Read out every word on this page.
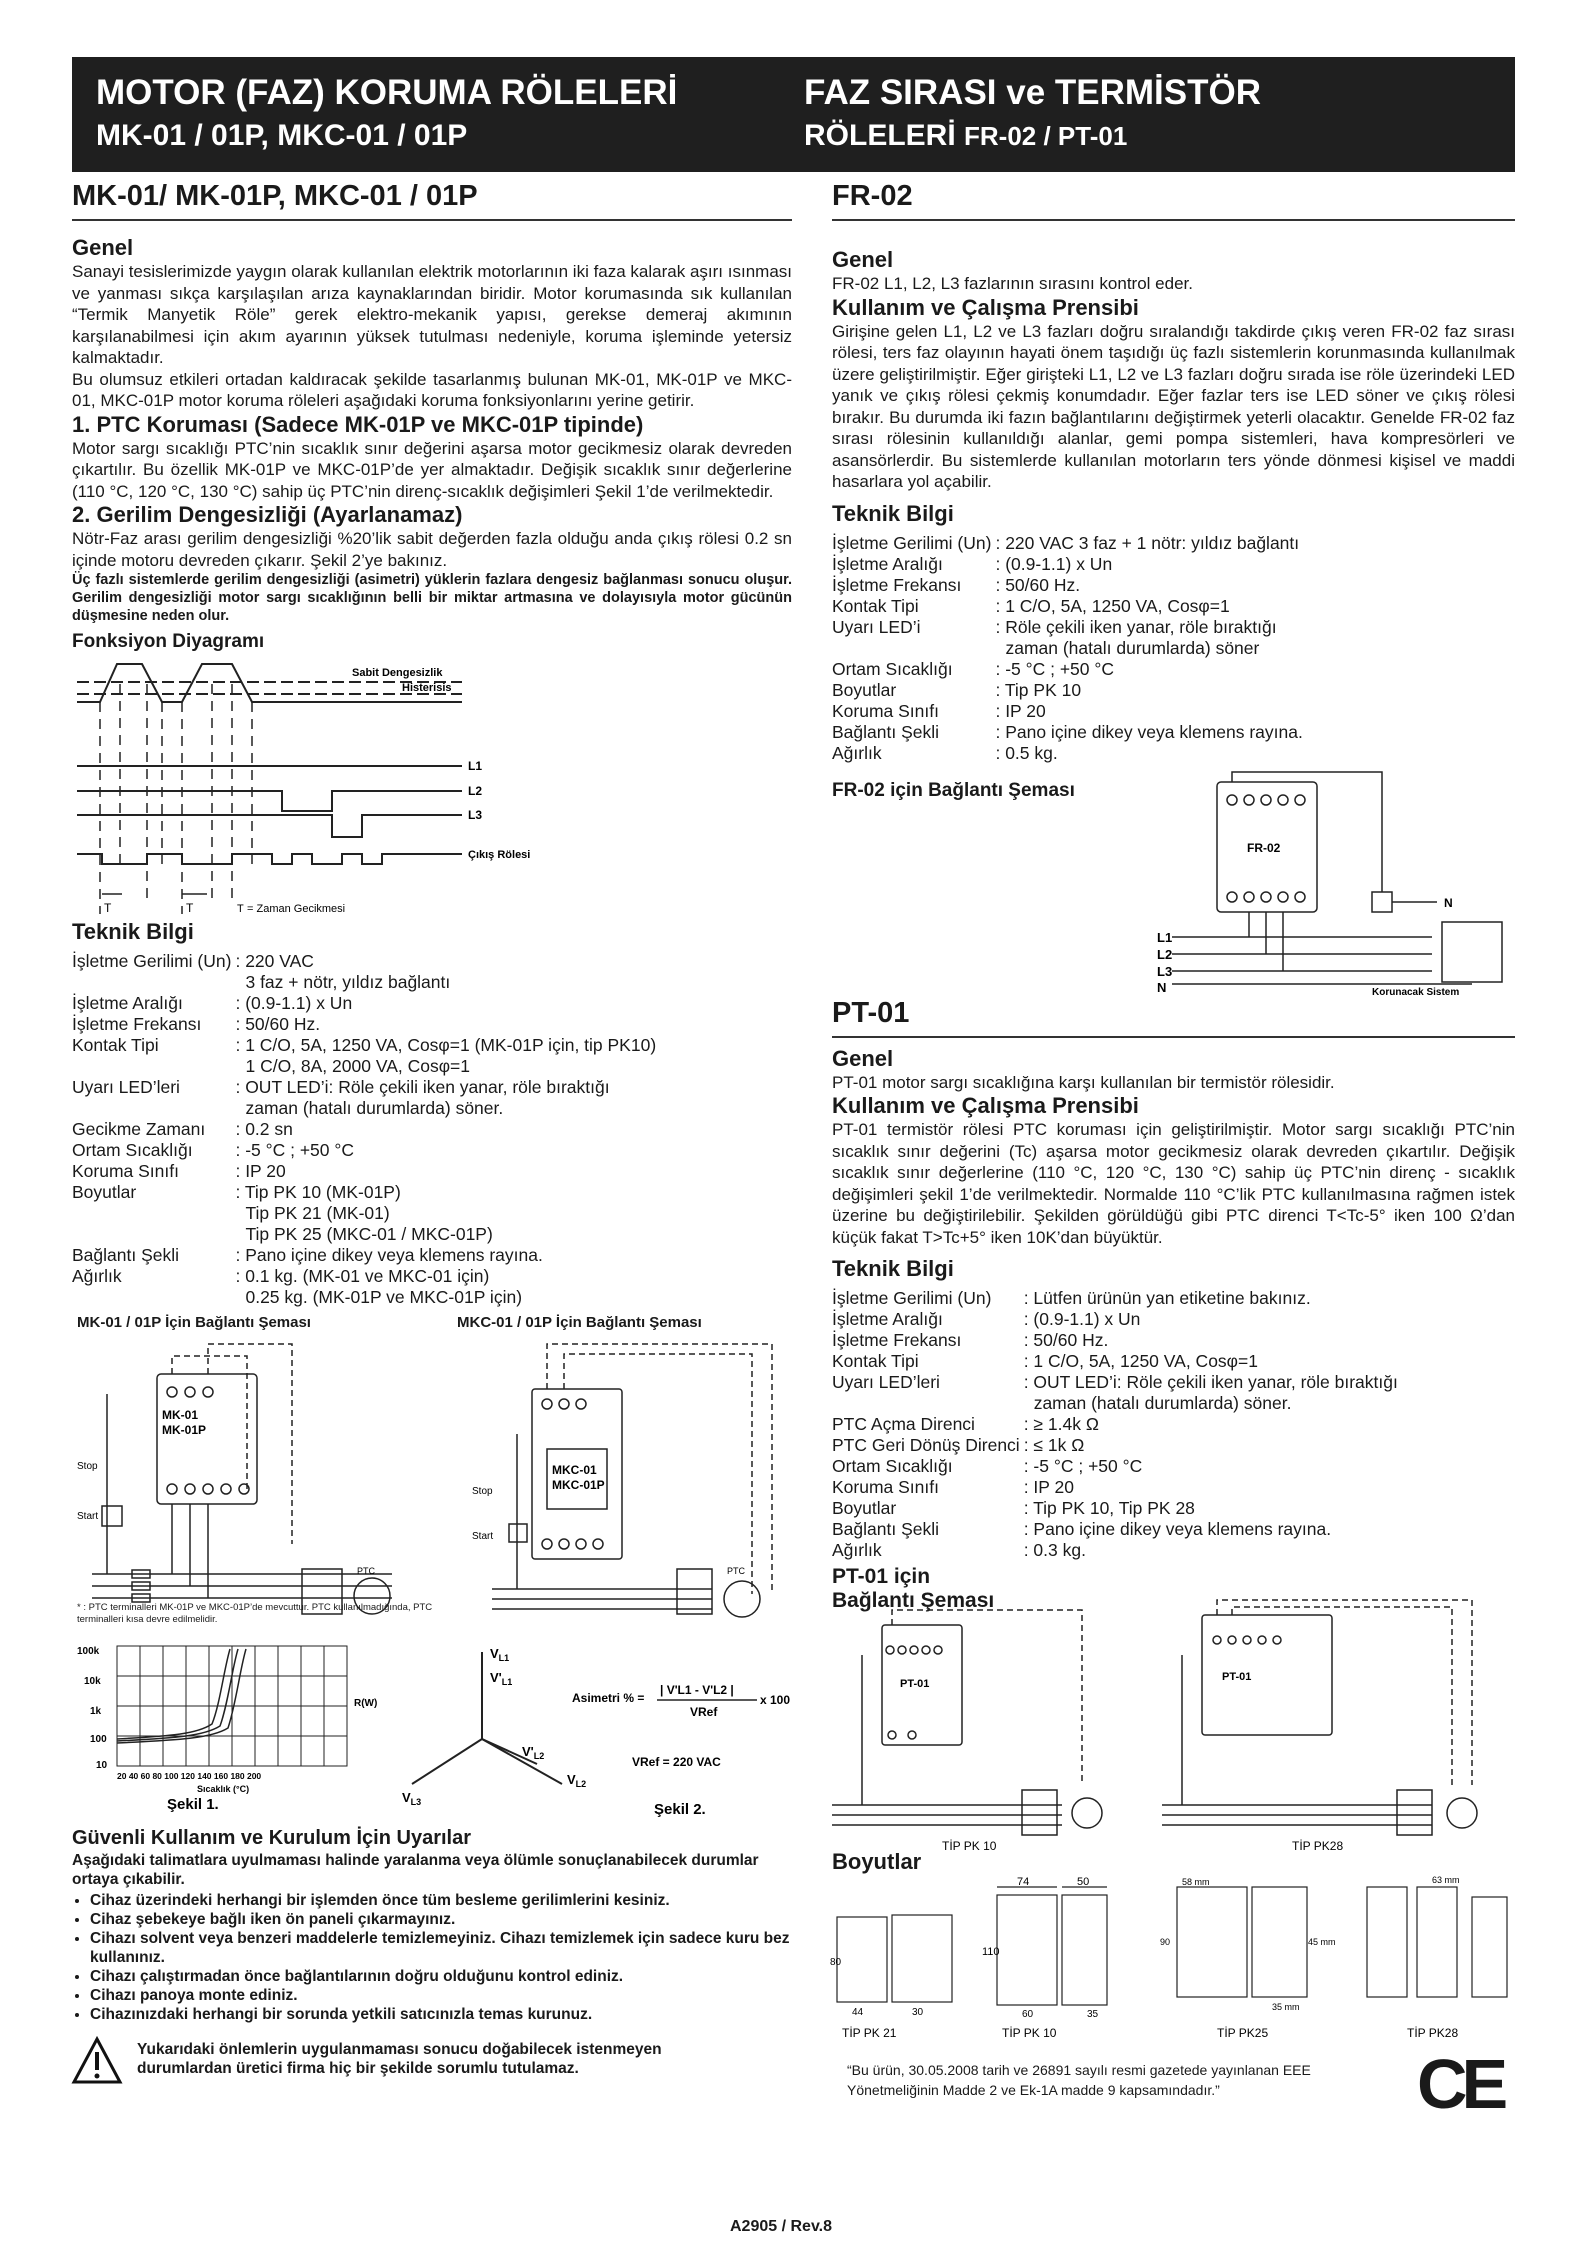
MOTOR (FAZ) KORUMA RÖLELERİ
MK-01 / 01P, MKC-01 / 01P
FAZ SIRASI ve TERMİSTÖR
RÖLELERİ FR-02 / PT-01
MK-01/ MK-01P, MKC-01 / 01P
Genel

Sanayi tesislerimizde yaygın olarak kullanılan elektrik motorlarının iki faza kalarak aşırı ısınması ve yanması sıkça karşılaşılan arıza kaynaklarından biridir. Motor korumasında sık kullanılan “Termik Manyetik Röle” gerek elektro-mekanik yapısı, gerekse demeraj akımının karşılanabilmesi için akım ayarının yüksek tutulması nedeniyle, koruma işleminde yetersiz kalmaktadır.

Bu olumsuz etkileri ortadan kaldıracak şekilde tasarlanmış bulunan MK-01, MK-01P ve MKC-01, MKC-01P motor koruma röleleri aşağıdaki koruma fonksiyonlarını yerine getirir.

1. PTC Koruması (Sadece MK-01P ve MKC-01P tipinde)

Motor sargı sıcaklığı PTC’nin sıcaklık sınır değerini aşarsa motor gecikmesiz olarak devreden çıkartılır. Bu özellik MK-01P ve MKC-01P’de yer almaktadır. Değişik sıcaklık sınır değerlerine (110 °C, 120 °C, 130 °C) sahip üç PTC’nin direnç-sıcaklık değişimleri Şekil 1’de verilmektedir.

2. Gerilim Dengesizliği (Ayarlanamaz)

Nötr-Faz arası gerilim dengesizliği %20’lik sabit değerden fazla olduğu anda çıkış rölesi 0.2 sn içinde motoru devreden çıkarır. Şekil 2’ye bakınız.

Üç fazlı sistemlerde gerilim dengesizliği (asimetri) yüklerin fazlara dengesiz bağlanması sonucu oluşur. Gerilim dengesizliği motor sargı sıcaklığının belli bir miktar artmasına ve dolayısıyla motor gücünün düşmesine neden olur.

Fonksiyon Diyagramı
Sabit Dengesizlik
Histerisis
L1
L2
L3
Çıkış Rölesi
T	T	T = Zaman Gecikmesi
Teknik Bilgi
İşletme Gerilimi (Un)	: 220 VAC
	3 faz + nötr, yıldız bağlantı
İşletme Aralığı	: (0.9-1.1) x Un
İşletme Frekansı	: 50/60 Hz.
Kontak Tipi	: 1 C/O, 5A, 1250 VA, Cosφ=1 (MK-01P için, tip PK10)
	1 C/O, 8A, 2000 VA, Cosφ=1
Uyarı LED’leri	: OUT LED’i: Röle çekili iken yanar, röle bıraktığı
	zaman (hatalı durumlarda) söner.
Gecikme Zamanı	: 0.2 sn
Ortam Sıcaklığı	: -5 °C ; +50 °C
Koruma Sınıfı	: IP 20
Boyutlar	: Tip PK 10 (MK-01P)
	Tip PK 21 (MK-01)
	Tip PK 25 (MKC-01 / MKC-01P)
Bağlantı Şekli	: Pano içine dikey veya klemens rayına.
Ağırlık	: 0.1 kg. (MK-01 ve MKC-01 için)
	0.25 kg. (MK-01P ve MKC-01P için)
MK-01 / 01P İçin Bağlantı Şeması	MKC-01 / 01P İçin Bağlantı Şeması
MK-01
MK-01P
MKC-01
MKC-01P
Stop
Start
Stop
Start
PTC	PTC
* : PTC terminalleri MK-01P ve MKC-01P’de mevcuttur. PTC kullanılmadığında, PTC terminalleri kısa devre edilmelidir.
100k
10k
1k
100
10
20 40 60 80 100 120 140 160 180 200
Sıcaklık (°C)
R(W)
Şekil 1.
$V_{L1}$
$V'_{L1}$
$V'_{L2}$
$V_{L2}$
$V_{L3}$
Asimetri % =
| V'L1 - V'L2 |
VRef
x 100
VRef = 220 VAC
Şekil 2.
Güvenli Kullanım ve Kurulum İçin Uyarılar
Aşağıdaki talimatlara uyulmaması halinde yaralanma veya ölümle sonuçlanabilecek durumlar ortaya çıkabilir.
• Cihaz üzerindeki herhangi bir işlemden önce tüm besleme gerilimlerini kesiniz.
• Cihaz şebekeye bağlı iken ön paneli çıkarmayınız.
• Cihazı solvent veya benzeri maddelerle temizlemeyiniz. Cihazı temizlemek için sadece kuru bez kullanınız.
• Cihazı çalıştırmadan önce bağlantılarının doğru olduğunu kontrol ediniz.
• Cihazı panoya monte ediniz.
• Cihazınızdaki herhangi bir sorunda yetkili satıcınızla temas kurunuz.
Yukarıdaki önlemlerin uygulanmaması sonucu doğabilecek istenmeyen durumlardan üretici firma hiç bir şekilde sorumlu tutulamaz.
FR-02
Genel

FR-02 L1, L2, L3 fazlarının sırasını kontrol eder.

Kullanım ve Çalışma Prensibi

Girişine gelen L1, L2 ve L3 fazları doğru sıralandığı takdirde çıkış veren FR-02 faz sırası rölesi, ters faz olayının hayati önem taşıdığı üç fazlı sistemlerin korunmasında kullanılmak üzere geliştirilmiştir. Eğer girişteki L1, L2 ve L3 fazları doğru sırada ise röle üzerindeki LED yanık ve çıkış rölesi çekmiş konumdadır. Eğer fazlar ters ise LED söner ve çıkış rölesi bırakır. Bu durumda iki fazın bağlantılarını değiştirmek yeterli olacaktır. Genelde FR-02 faz sırası rölesinin kullanıldığı alanlar, gemi pompa sistemleri, hava kompresörleri ve asansörlerdir. Bu sistemlerde kullanılan motorların ters yönde dönmesi kişisel ve maddi hasarlara yol açabilir.

Teknik Bilgi
İşletme Gerilimi (Un)	: 220 VAC 3 faz + 1 nötr: yıldız bağlantı
İşletme Aralığı	: (0.9-1.1) x Un
İşletme Frekansı	: 50/60 Hz.
Kontak Tipi	: 1 C/O, 5A, 1250 VA, Cosφ=1
Uyarı LED’i	: Röle çekili iken yanar, röle bıraktığı
	zaman (hatalı durumlarda) söner
Ortam Sıcaklığı	: -5 °C ; +50 °C
Boyutlar	: Tip PK 10
Koruma Sınıfı	: IP 20
Bağlantı Şekli	: Pano içine dikey veya klemens rayına.
Ağırlık	: 0.5 kg.
FR-02 için Bağlantı Şeması
FR-02
L1
L2
L3
N
N
Korunacak Sistem
PT-01
Genel

PT-01 motor sargı sıcaklığına karşı kullanılan bir termistör rölesidir.

Kullanım ve Çalışma Prensibi

PT-01 termistör rölesi PTC koruması için geliştirilmiştir. Motor sargı sıcaklığı PTC’nin sıcaklık sınır değerini (Tc) aşarsa motor gecikmesiz olarak devreden çıkartılır. Değişik sıcaklık sınır değerlerine (110 °C, 120 °C, 130 °C) sahip üç PTC’nin direnç - sıcaklık değişimleri şekil 1’de verilmektedir. Normalde 110 °C’lik PTC kullanılmasına rağmen istek üzerine bu değiştirilebilir. Şekilden görüldüğü gibi PTC direnci T<Tc-5° iken 100 Ω’dan küçük fakat T>Tc+5° iken 10K’dan büyüktür.

Teknik Bilgi
İşletme Gerilimi (Un)	: Lütfen ürünün yan etiketine bakınız.
İşletme Aralığı	: (0.9-1.1) x Un
İşletme Frekansı	: 50/60 Hz.
Kontak Tipi	: 1 C/O, 5A, 1250 VA, Cosφ=1
Uyarı LED’leri	: OUT LED’i: Röle çekili iken yanar, röle bıraktığı
	zaman (hatalı durumlarda) söner.
PTC Açma Direnci	: ≥ 1.4k Ω
PTC Geri Dönüş Direnci	: ≤ 1k Ω
Ortam Sıcaklığı	: -5 °C ; +50 °C
Koruma Sınıfı	: IP 20
Boyutlar	: Tip PK 10, Tip PK 28
Bağlantı Şekli	: Pano içine dikey veya klemens rayına.
Ağırlık	: 0.3 kg.
PT-01 için
Bağlantı Şeması
PT-01
PT-01
TİP PK 10	TİP PK28
Boyutlar
74	50
110
80
44	30	60	35
90
35 mm
58 mm
45 mm
63 mm
TİP PK 21	TİP PK 10	TİP PK25	TİP PK28
“Bu ürün, 30.05.2008 tarih ve 26891 sayılı resmi gazetede yayınlanan EEE Yönetmeliğinin Madde 2 ve Ek-1A madde 9 kapsamındadır.”	CE
A2905 / Rev.8
